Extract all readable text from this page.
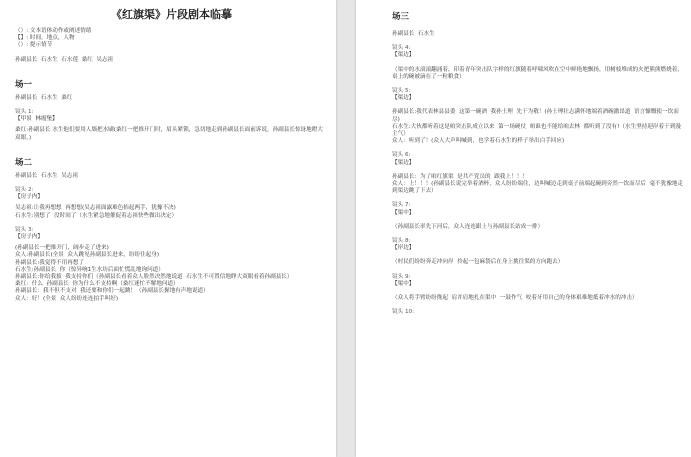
《红旗渠》片段剧本临摹

（）: 文本语体动作或阐述情绪

【】: 时间，地点，人物

（）: 提示情节

孙副县长  石水生  石水莲  桑红  吴志祖

场一

孙副县长  石水生  桑红

镜头 1:

【甲景  林霞堡】

桑红:孙副县长 水生他们要用人墙把水刷(桑红一把推开门时，眉头紧锁，急切地走到孙副县长面前诉说，孙副县长惊讶地瞪大双眼。)

场二

孙副县长  石水生  吴志祖

镜头 2:

【房子内】

吴志祖:让我再想想  再想想(吴志祖面露难色抬起两手，犹豫不决)
石水生:别想了  没时间了（水生紧急地催促着志祖快些做出决定）

镜头 3:

【房子内】

(孙副县长一把推开门，阔步走了进来)
众人:孙副县长(全景  众人跳见孙副县长进来，纷纷往起身)
孙副县长:我觉得不用再想了
石水生:孙副县长  你（惊异响1生水坊后面忙慌乱地询问道）
孙副县长:你给我拔  我支持你们（孙副县长看着众人脸然决然地说道  石水生不可置信地睁大双眼看着孙副县长）
桑红：什么  孙副县长  你为什么不支持啊（桑红迷忙不解地问道）
孙副县长：我不但不支对  我还要和你们一起跳！（孙副县长握地有声地说道）
众人：好！(全景  众人纷纷连连拍手叫好)

场三

孙副县长  石水生

镜头 4:

【渠边】

（渠中的水滚滚翻涌着，印着青年突击队字样的红旗随着呼啸风吹在空中鲜艳地飘扬，用树枝堆成的火把熊熊燃烧着，桌上的碗被滴在了一粒粮食）

镜头 5:

【渠边】

孙副县长:我代表林县县委  这第一碗酒  我孙士理  先干为敬！(孙士理壮志满怀地端着酒碗激昂道  语言慷慨使一饮而尽)
石水生:大伙都听着这是咱突击队成立以来  第一场硬仗  咱谁也不能给咱去林  都听到了没有!（水生坚持迎岸着干到漫主气）
众人：听到了！(众人大声叫喊到，也学着石水生的样子举出白手回应)

镜头 6:

【渠边】

孙副县长：为了咱红旗渠  是共产党员的  跟我上！！！
众人：上！！！(孙副县长说完举着酒杯，众人纷纷端住，边叫喊边走到桌子前端起碗到旁然一饮而尽后  毫不犹豫地走到渠边跳了下去）

镜头 7:

【渠中】

（孙副县长率先下河后，众人连连跟上与孙副县长站成一排）

镜头 8:

【岸边】

（村民们纷纷奔走冲向岸  拎起一包麻袋后在身上挑往渠的方向跑去）

镜头 9:

【渠中】

（众人将手臂纷纷挽起  肩并肩地扎在渠中  一鼓作气  咬着牙用自己的身体艰难地抵着冲水的冲击）

镜头 10:
